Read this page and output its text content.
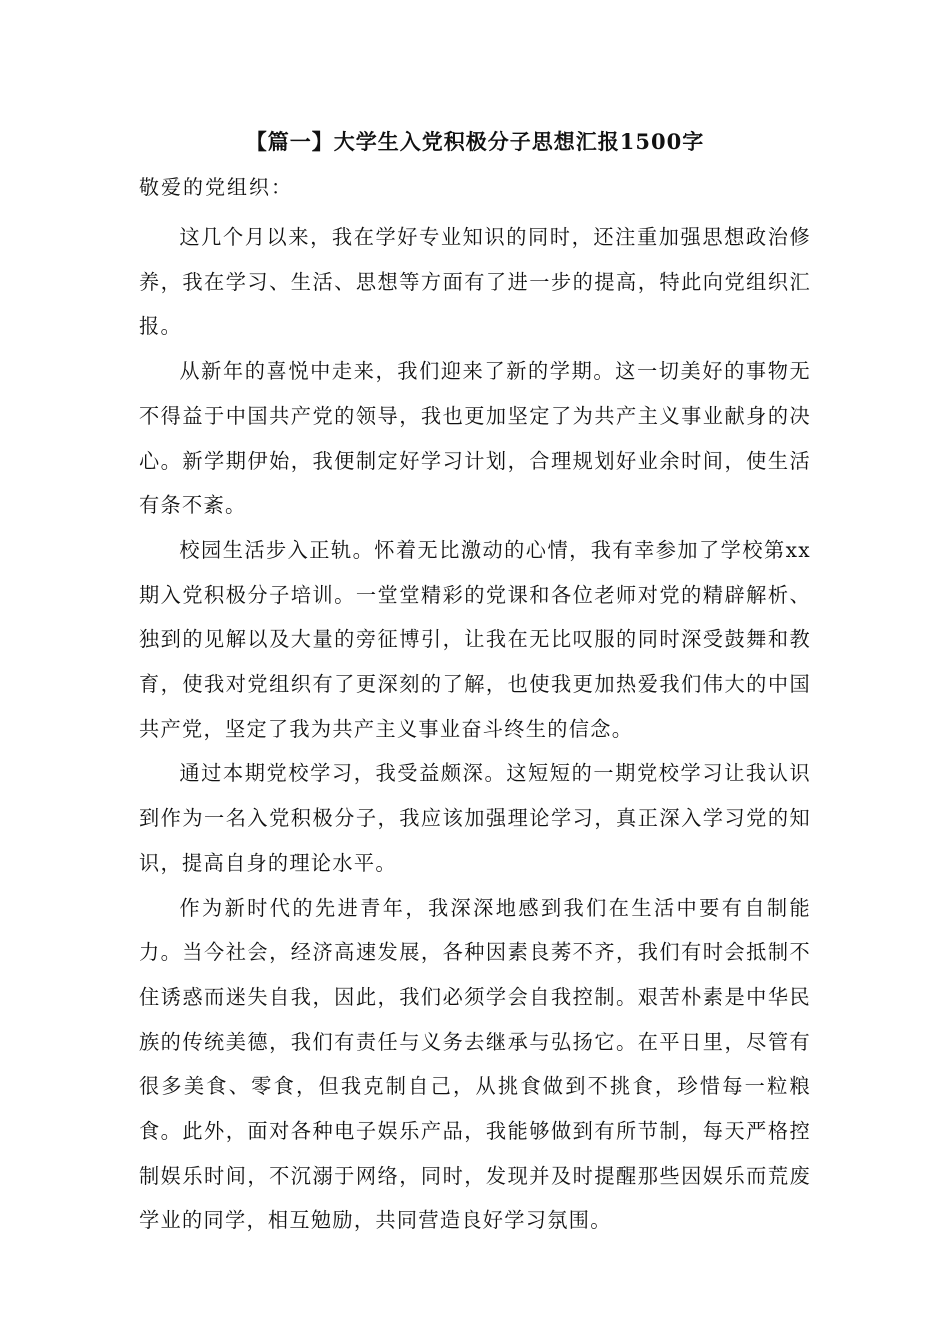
【篇一】大学生入党积极分子思想汇报1500字
敬爱的党组织：

这几个月以来，我在学好专业知识的同时，还注重加强思想政治修养，我在学习、生活、思想等方面有了进一步的提高，特此向党组织汇报。

从新年的喜悦中走来，我们迎来了新的学期。这一切美好的事物无不得益于中国共产党的领导，我也更加坚定了为共产主义事业献身的决心。新学期伊始，我便制定好学习计划，合理规划好业余时间，使生活有条不紊。

校园生活步入正轨。怀着无比激动的心情，我有幸参加了学校第xx期入党积极分子培训。一堂堂精彩的党课和各位老师对党的精辟解析、独到的见解以及大量的旁征博引，让我在无比叹服的同时深受鼓舞和教育，使我对党组织有了更深刻的了解，也使我更加热爱我们伟大的中国共产党，坚定了我为共产主义事业奋斗终生的信念。

通过本期党校学习，我受益颇深。这短短的一期党校学习让我认识到作为一名入党积极分子，我应该加强理论学习，真正深入学习党的知识，提高自身的理论水平。

作为新时代的先进青年，我深深地感到我们在生活中要有自制能力。当今社会，经济高速发展，各种因素良莠不齐，我们有时会抵制不住诱惑而迷失自我，因此，我们必须学会自我控制。艰苦朴素是中华民族的传统美德，我们有责任与义务去继承与弘扬它。在平日里，尽管有很多美食、零食，但我克制自己，从挑食做到不挑食，珍惜每一粒粮食。此外，面对各种电子娱乐产品，我能够做到有所节制，每天严格控制娱乐时间，不沉溺于网络，同时，发现并及时提醒那些因娱乐而荒废学业的同学，相互勉励，共同营造良好学习氛围。
